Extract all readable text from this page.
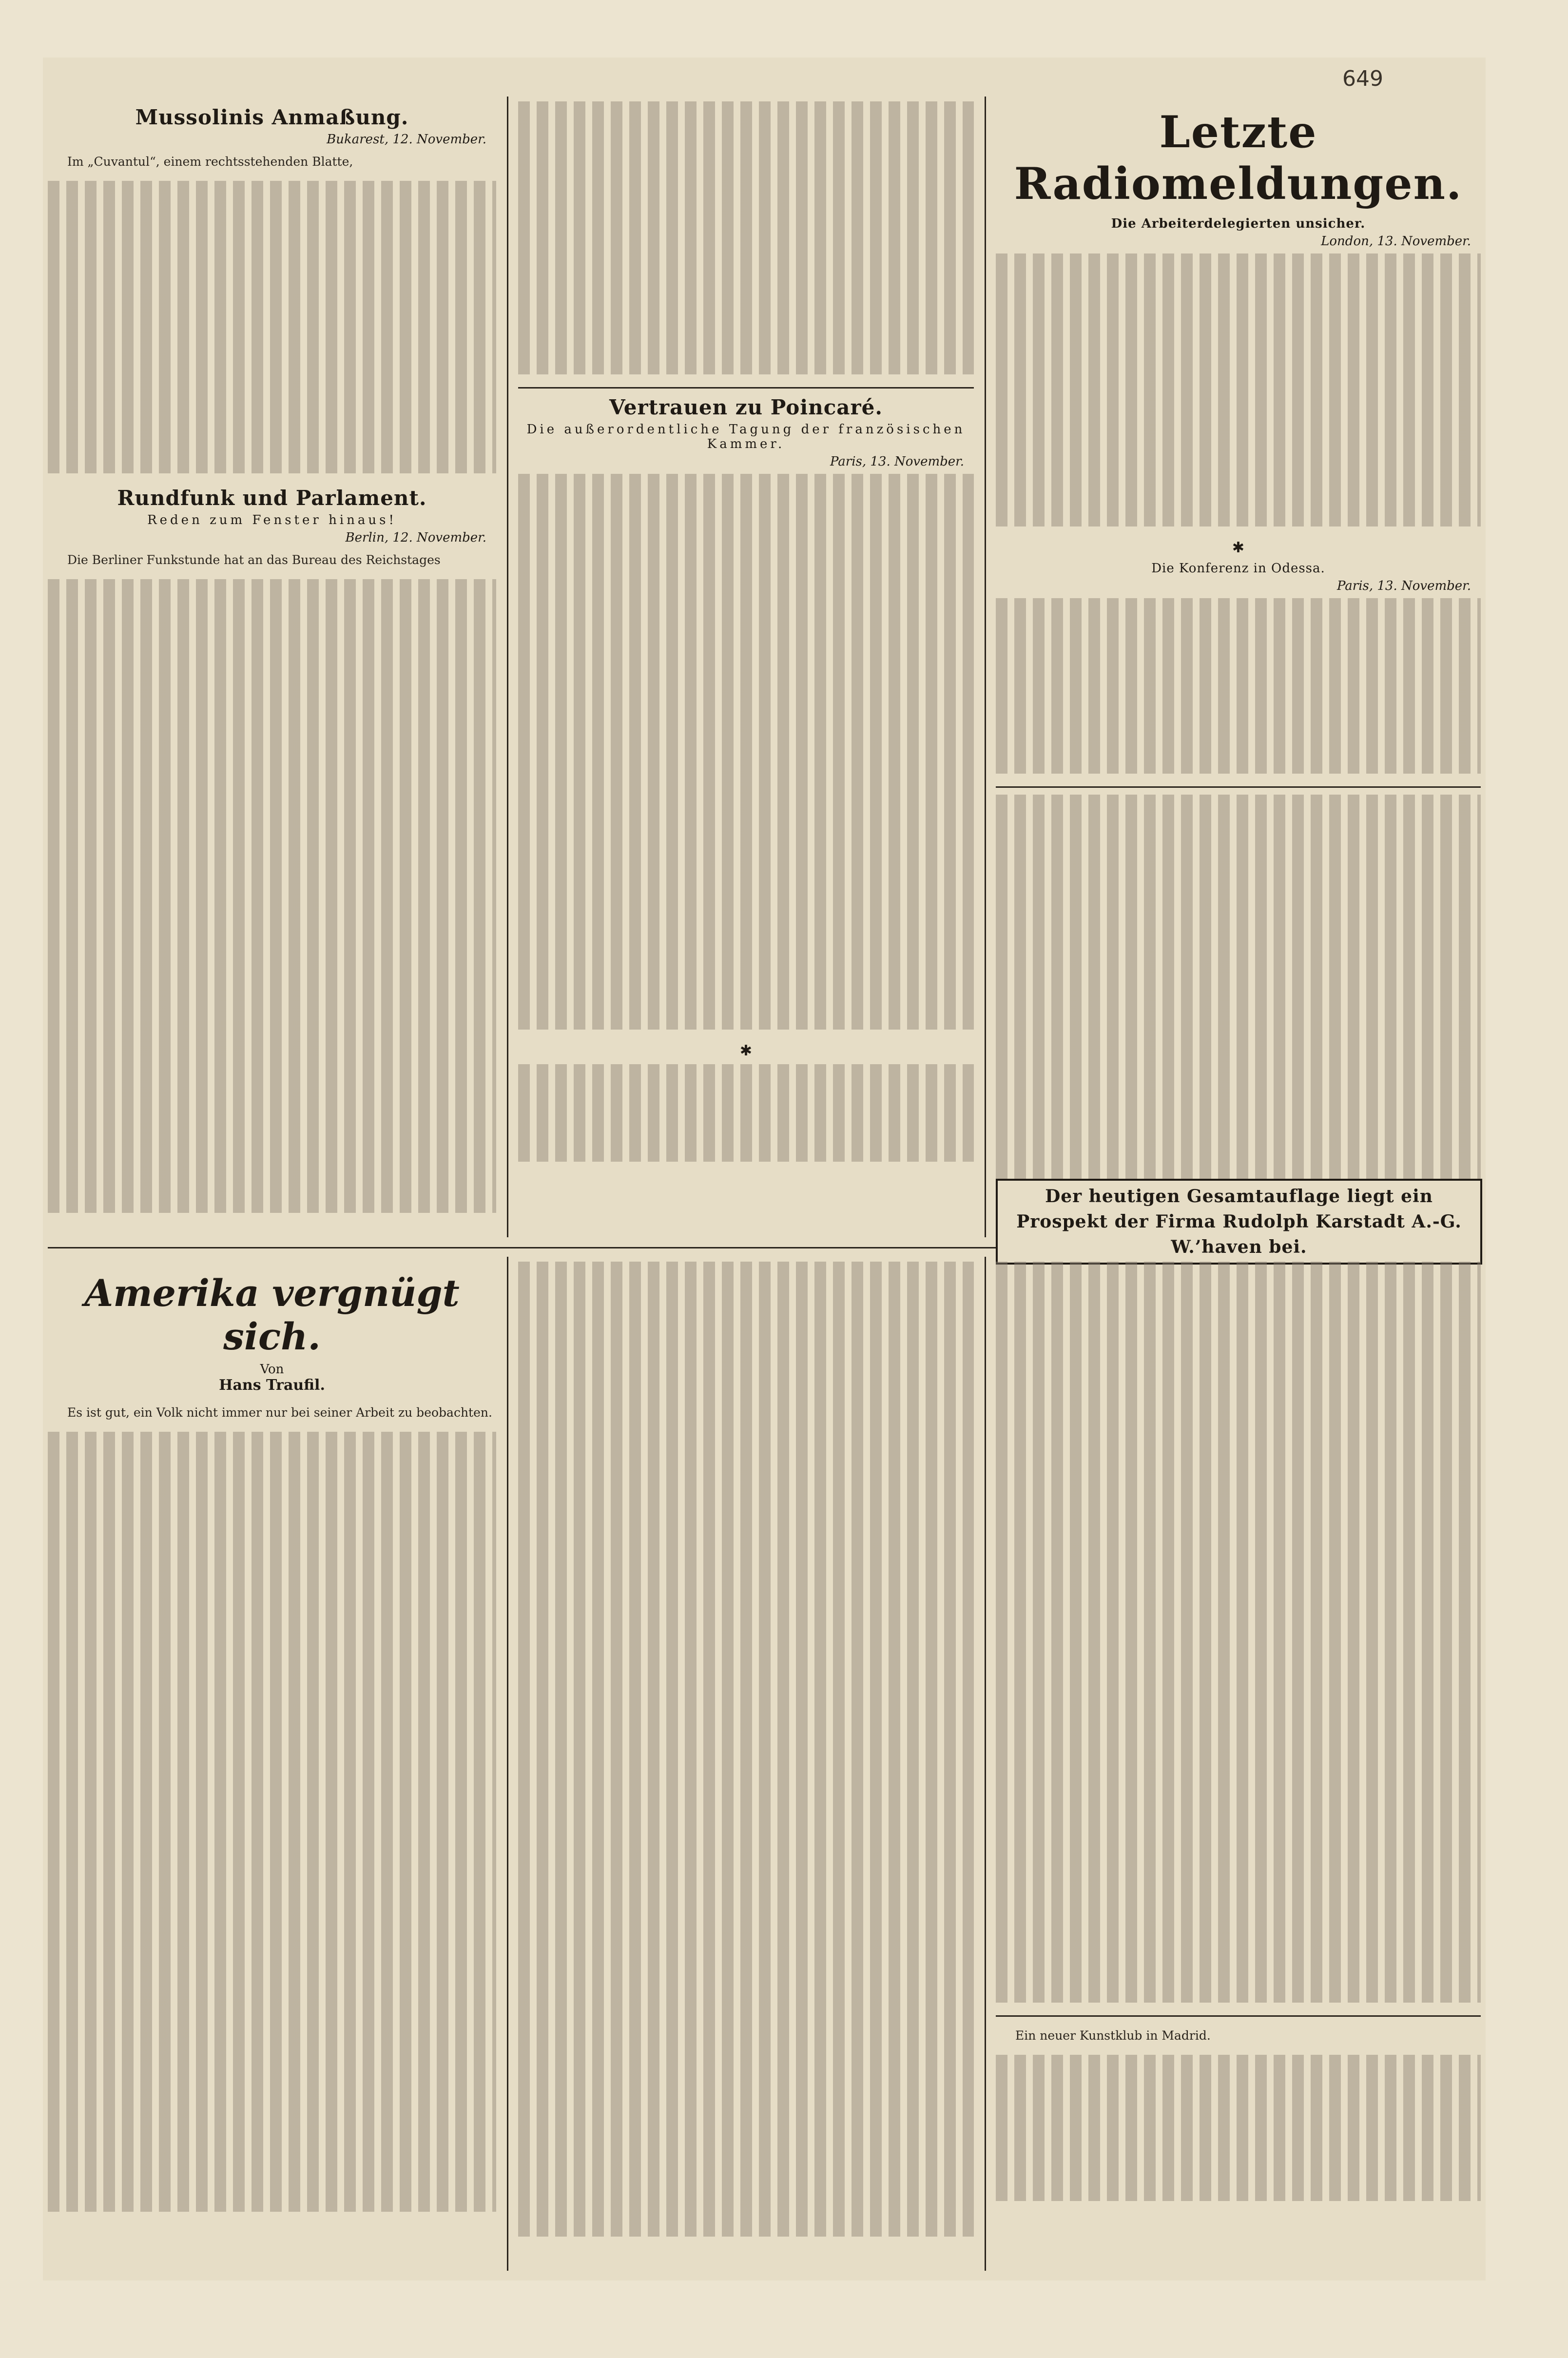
649
Mussolinis Anmaßung.
Bukarest, 12. November.

Im „Cuvantul“, einem rechtsstehenden Blatte,

Rundfunk und Parlament.
Reden zum Fenster hinaus!
Berlin, 12. November.

Die Berliner Funkstunde hat an das Bureau des Reichstages

Vertrauen zu Poincaré.
Die außerordentliche Tagung der französischen Kammer.
Paris, 13. November.
✱
Letzte Radiomeldungen.
Die Arbeiterdelegierten unsicher.
London, 13. November.
✱
Die Konferenz in Odessa.
Paris, 13. November.
Der heutigen Gesamtauflage liegt ein Prospekt der Firma Rudolph Karstadt A.-G. W.’haven bei.
Amerika vergnügt sich.
Von
Hans Traufil.

Es ist gut, ein Volk nicht immer nur bei seiner Arbeit zu beobachten.

Ein neuer Kunstklub in Madrid.
